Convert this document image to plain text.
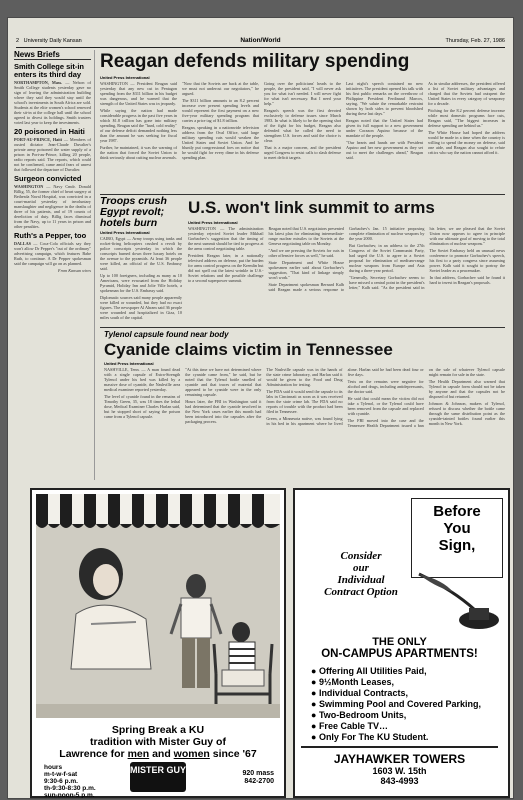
2 University Daily Kansan	Nation/World	Thursday, Feb. 27, 1986
News Briefs
Smith College sit-in enters its third day

NORTHAMPTON, Mass. — Nelson of Smith College students yesterday gave no sign of leaving the administration building where they said they would stay until the school's investments in South Africa are sold. Students at the elite women's school renewed their sit-in at the college hall until the school agreed to divest its holdings. Smith trustees voted last year to keep the investments.

20 poisoned in Haiti

PORT-AU-PRINCE, Haiti — Members of ousted dictator Jean-Claude Duvalier's private army poisoned the water supply of a prison in Port-au-Prince, killing 20 people, radio reports said. The reports, which could not be confirmed, came amid fears of unrest that followed the departure of Duvalier.

Surgeon convicted

WASHINGTON — Navy Cmdr. Donald Billig, 55, the former chief of heart surgery at Bethesda Naval Hospital, was convicted in a court-martial yesterday of involuntary manslaughter and negligence in the deaths of three of his patients, and of 19 counts of dereliction of duty. Billig faces dismissal from the Navy, up to 11 years in prison and other penalties.

Ruth's a Pepper, too

DALLAS — Coca-Cola officials say they won't allow Dr Pepper's "out of the ordinary" advertising campaign, which features Babe Ruth, to continue. A Dr Pepper spokesman said the campaign will go on as planned.

From Kansan wires

Reagan defends military spending
United Press International

WASHINGTON — President Reagan said yesterday that any new cut in Pentagon spending from the $311 billion in his budget was dangerous, and he warned that the strength of the United States was in jeopardy.

While saying the nation had made considerable progress in the past five years in which $1.8 trillion has gone into military spending, Reagan said the "hard, cold reality" of our defense deficit demanded nothing less than the amount he was seeking for fiscal year 1987.

Further, he maintained, it was the warning of the nation that forced the Soviet Union to think seriously about cutting nuclear arsenals.

"Now that the Soviets are back at the table, we must not undercut our negotiators," he argued.

The $311 billion amounts to an 8.2 percent increase over present spending levels and would represent the first payment on a new five-year military spending program that carries a price tag of $1.8 trillion.

Reagan, speaking in a nationwide television address from the Oval Office, said large military spending cuts would weaken the United States and Soviet Union. And he bluntly put congressional foes on notice that he would fight for every dime in his defense spending plan.

Going over the politicians' heads to the people, the president said, "I will never ask you for what isn't needed. I will never fight for what isn't necessary. But I need your help."

Reagan's speech was the first devoted exclusively to defense issues since March 1983. In what is likely to be the opening shot of the fight for his budget, Reagan also defended what he called the need to strengthen U.S. forces and said the choice is clear.

That is a major concern, and the president urged Congress to resist calls to slash defense to meet deficit targets.

Last night's speech contained no new initiatives. The president opened his talk with his first public remarks on the overthrow of Philippine President Ferdinand Marcos, saying, "We salute the remarkable restraint shown by both sides to prevent bloodshed during these last days."

Reagan noted that the United States had given its full support to a new government under Corazon Aquino because of the mandate of the people.

"Our hearts and hands are with President Aquino and her new government as they set out to meet the challenges ahead," Reagan said.

As in similar addresses, the president offered a list of Soviet military advantages and charged that the Soviets had outspent the United States in every category of weaponry for a decade.

Pitching for the 8.2 percent defense increase while most domestic programs face cuts, Reagan said, "The biggest increases in defense spending are behind us."

The White House had hoped the address would be made in a time when the country is willing to spend the money on defense, said one aide, and Reagan also sought to refute critics who say the nation cannot afford it.

Troops crush Egypt revolt; hotels burn
United Press International

CAIRO, Egypt — Army troops using tanks and rocket-firing helicopters crushed a revolt by police conscripts yesterday in which the conscripts burned down three luxury hotels on the avenue to the pyramids. At least 36 people were killed, an official of the U.S. Embassy said.

Up to 100 foreigners, including as many as 10 Americans, were evacuated from the Holiday Pyramid, Holiday Inn and Jolie Ville hotels, a spokesman for the U.S. Embassy said.

Diplomatic sources said many people apparently were killed or wounded, but they had no exact figures. The newspaper Al Ahram said 36 people were wounded and hospitalized in Giza, 10 miles south of the capital.

U.S. won't link summit to arms
United Press International

WASHINGTON — The administration yesterday rejected Soviet leader Mikhail Gorbachev's suggestion that the timing of the next summit should be tied to progress at the arms control negotiating table.

President Reagan later, in a nationally televised address on defense, put the burden for arms control progress on the Kremlin but did not spell out the latest wrinkle in U.S.-Soviet relations and the possible challenge to a second superpower summit.

Reagan noted that U.S. negotiators presented his latest plan for eliminating intermediate-range nuclear missiles to the Soviets at the Geneva negotiating table on Monday.

"And we are pressing the Soviets for cuts in other offensive forces as well," he said.

State Department and White House spokesmen earlier said about Gorbachev's suggestion, "That kind of linkage simply won't work."

State Department spokesman Bernard Kalb said Reagan made a serious response to Gorbachev's Jan. 15 initiative proposing complete elimination of nuclear weapons by the year 2000.

But Gorbachev, in an address to the 27th Congress of the Soviet Communist Party, had urged the U.S. to agree to a Soviet proposal for elimination of medium-range nuclear weapons from Europe and Asia during a three-year period.

"Generally, Secretary Gorbachev seems to have missed a central point in the president's letter," Kalb said. "As the president said in his letter, we are pleased that the Soviet Union now appears to agree in principle with our ultimate goal of moving to the total elimination of nuclear weapons."

The Soviet Embassy held an unusual news conference to promote Gorbachev's speech, his first to a party congress since assuming power. Kalb said it sought to portray the Soviet leader as a peacemaker.

In that address, Gorbachev said he found it hard to invest in Reagan's proposals.

Tylenol capsule found near body
Cyanide claims victim in Tennessee
United Press International

NASHVILLE, Tenn. — A man found dead with a single capsule of Extra-Strength Tylenol under his bed was killed by a massive dose of cyanide, the Nashville area medical examiner reported yesterday.

The level of cyanide found in the remains of Timothy Green, 35, was 18 times the lethal dose, Medical Examiner Charles Harlan said, but he stopped short of saying the poison came from a Tylenol capsule.

"At this time we have not determined where the cyanide came from," he said, but he noted that the Tylenol bottle smelled of cyanide and that traces of material that appeared to be cyanide were in the only remaining capsule.

Hours later, the FBI in Washington said it had determined that the cyanide involved in the New York cases earlier this month had been introduced into the capsules after the packaging process.

The Nashville capsule was in the hands of the state crime laboratory, and Harlan said it would be given to the Food and Drug Administration for testing.

The FDA said it would send the capsule to its labs in Cincinnati as soon as it was received from the state crime lab. The FDA said no reports of trouble with the product had been filed in Tennessee.

Green, a Minnesota native, was found lying in his bed in his apartment where he lived alone. Harlan said he had been dead four or five days.

Tests on the remains were negative for alcohol and drugs, including antidepressants, the doctor said.

He said that could mean the victim did not take a Tylenol, or the Tylenol could have been removed from the capsule and replaced with cyanide.

The FBI moved into the case and the Tennessee Health Department issued a ban on the sale of whatever Tylenol capsule might remain for sale in the state.

The Health Department also warned that Tylenol in capsule form should not be taken by anyone and that the capsules not be disposed of but returned.

Johnson & Johnson, makers of Tylenol, refused to discuss whether the bottle came through the same distribution point as the cyanide-tainted bottles found earlier this month in New York.

Spring Break a KU
tradition with Mister Guy of
Lawrence for men and women since '67
hours
m-t-w-f-sat
9:30-6 p.m.
th-9:30-8:30 p.m.
sun-noon-5 p.m.
MISTER GUY	920 mass
842-2700
Before
You
Sign,
Consider
our
Individual
Contract Option
THE ONLY
ON-CAMPUS APARTMENTS!
● Offering All Utilities Paid,
● 9½Month Leases,
● Individual Contracts,
● Swimming Pool and Covered Parking,
● Two-Bedroom Units,
● Free Cable TV…
● Only For The KU Student.
JAYHAWKER TOWERS
1603 W. 15th
843-4993
